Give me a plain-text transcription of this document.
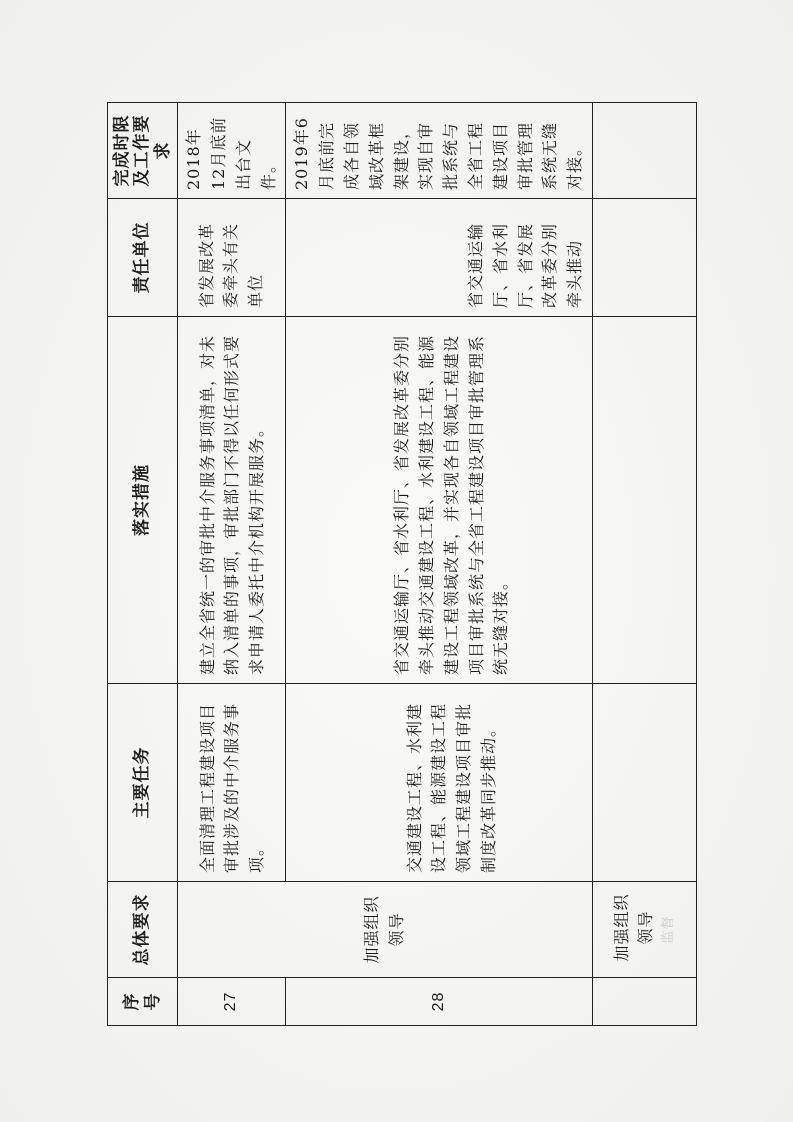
序号	总体要求	主要任务	落实措施	责任单位	完成时限及工作要求
27	加强组织领导	全面清理工程建设项目审批涉及的中介服务事项。	建立全省统一的审批中介服务事项清单，对未纳入清单的事项，审批部门不得以任何形式要求申请人委托中介机构开展服务。	省发展改革委牵头有关单位	2018年12月底前出台文件。
28		交通建设工程、水利建设工程、能源建设工程领域工程建设项目审批制度改革同步推动。	省交通运输厅、省水利厅、省发展改革委分别牵头推动交通建设工程、水利建设工程、能源建设工程领域改革，并实现各自领域工程建设项目审批系统与全省工程建设项目审批管理系统无缝对接。	省交通运输厅、省水利厅、省发展改革委分别牵头推动	2019年6月底前完成各自领域改革框架建设，实现自审批系统与全省工程建设项目审批管理系统无缝对接。
	加强组织领导 监督				
